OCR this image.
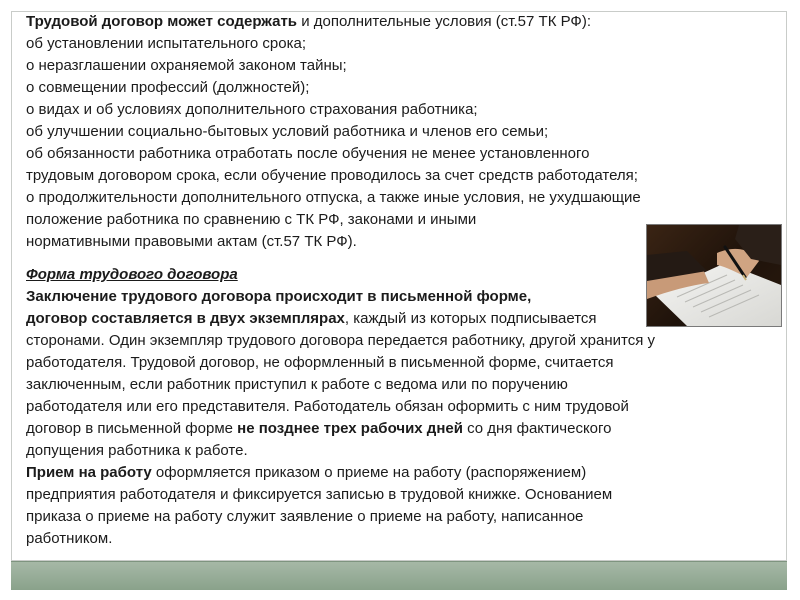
Трудовой договор может содержать и дополнительные условия (ст.57 ТК РФ):
об установлении испытательного срока;
о неразглашении охраняемой законом тайны;
о совмещении профессий (должностей);
о видах и об условиях дополнительного страхования работника;
об улучшении социально-бытовых условий работника и членов его семьи;
об обязанности работника отработать после обучения не менее установленного
трудовым договором срока, если обучение проводилось за счет средств работодателя;
о продолжительности дополнительного отпуска, а также иные условия, не ухудшающие
положение работника по сравнению с ТК РФ, законами и иными
нормативными правовыми актам (ст.57 ТК РФ).
Форма трудового договора
Заключение трудового договора происходит в письменной форме,
договор составляется в двух экземплярах, каждый из которых подписывается
сторонами. Один экземпляр трудового договора передается работнику, другой хранится у
работодателя. Трудовой договор, не оформленный в письменной форме, считается
заключенным, если работник приступил к работе с ведома или по поручению
работодателя или его представителя. Работодатель обязан оформить с ним трудовой
договор в письменной форме не позднее трех рабочих дней со дня фактического
допущения работника к работе.
Прием на работу оформляется приказом о приеме на работу (распоряжением)
предприятия работодателя и фиксируется записью в трудовой книжке. Основанием
приказа о приеме на работу служит заявление о приеме на работу, написанное
работником.
